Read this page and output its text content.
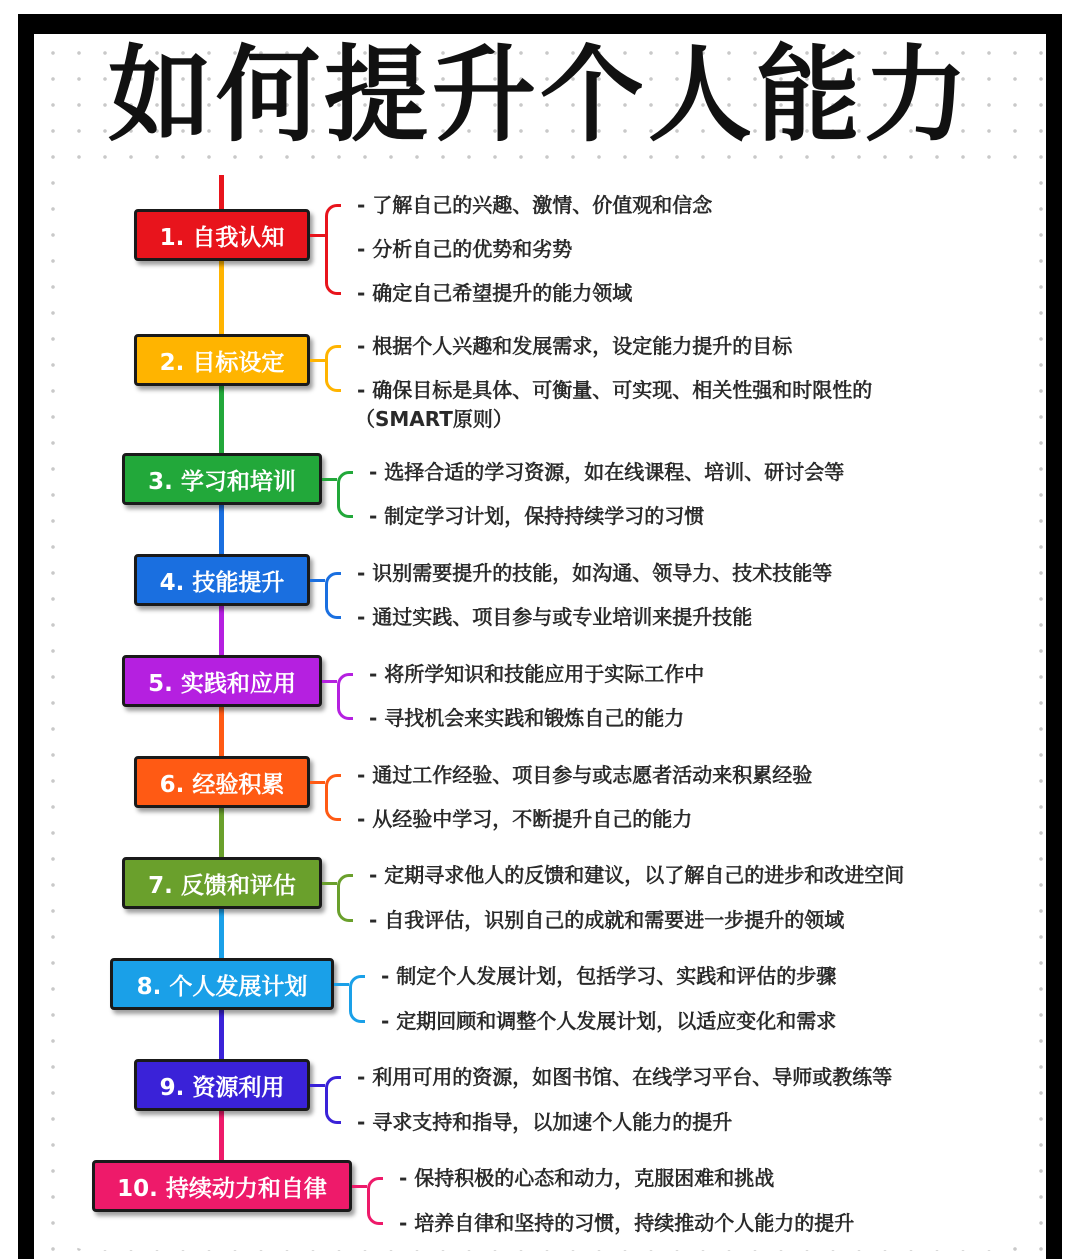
如何提升个人能力
1. 自我认知
- 了解自己的兴趣、激情、价值观和信念
- 分析自己的优势和劣势
- 确定自己希望提升的能力领域
2. 目标设定
- 根据个人兴趣和发展需求，设定能力提升的目标
- 确保目标是具体、可衡量、可实现、相关性强和时限性的
（SMART原则）
3. 学习和培训	- 选择合适的学习资源，如在线课程、培训、研讨会等
- 制定学习计划，保持持续学习的习惯
4. 技能提升	- 识别需要提升的技能，如沟通、领导力、技术技能等
- 通过实践、项目参与或专业培训来提升技能
5. 实践和应用	- 将所学知识和技能应用于实际工作中
- 寻找机会来实践和锻炼自己的能力
6. 经验积累	- 通过工作经验、项目参与或志愿者活动来积累经验
- 从经验中学习，不断提升自己的能力
7. 反馈和评估	- 定期寻求他人的反馈和建议，以了解自己的进步和改进空间
- 自我评估，识别自己的成就和需要进一步提升的领域
8. 个人发展计划	- 制定个人发展计划，包括学习、实践和评估的步骤
- 定期回顾和调整个人发展计划，以适应变化和需求
9. 资源利用	- 利用可用的资源，如图书馆、在线学习平台、导师或教练等
- 寻求支持和指导，以加速个人能力的提升
10. 持续动力和自律	- 保持积极的心态和动力，克服困难和挑战
- 培养自律和坚持的习惯，持续推动个人能力的提升
